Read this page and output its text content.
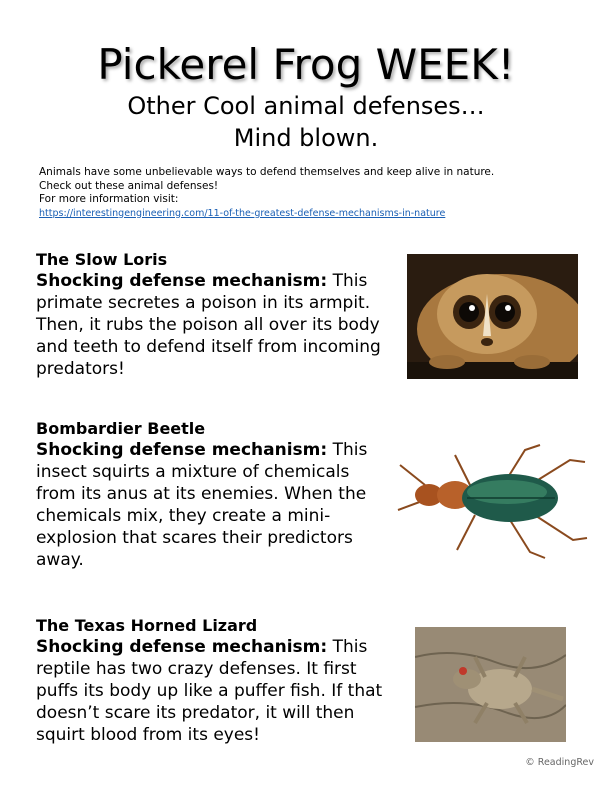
Pickerel Frog WEEK!
Other Cool animal defenses…
Mind blown.
Animals have some unbelievable ways to defend themselves and keep alive in nature.
Check out these animal defenses!
For more information visit:
https://interestingengineering.com/11-of-the-greatest-defense-mechanisms-in-nature
The Slow Loris
Shocking defense mechanism: This primate secretes a poison in its armpit. Then, it rubs the poison all over its body and teeth to defend itself from incoming predators!
Bombardier Beetle
Shocking defense mechanism: This insect squirts a mixture of chemicals from its anus at its enemies. When the chemicals mix, they create a mini-explosion that scares their predictors away.
The Texas Horned Lizard
Shocking defense mechanism: This reptile has two crazy defenses. It first puffs its body up like a puffer fish. If that doesn’t scare its predator, it will then squirt blood from its eyes!
© ReadingRev
